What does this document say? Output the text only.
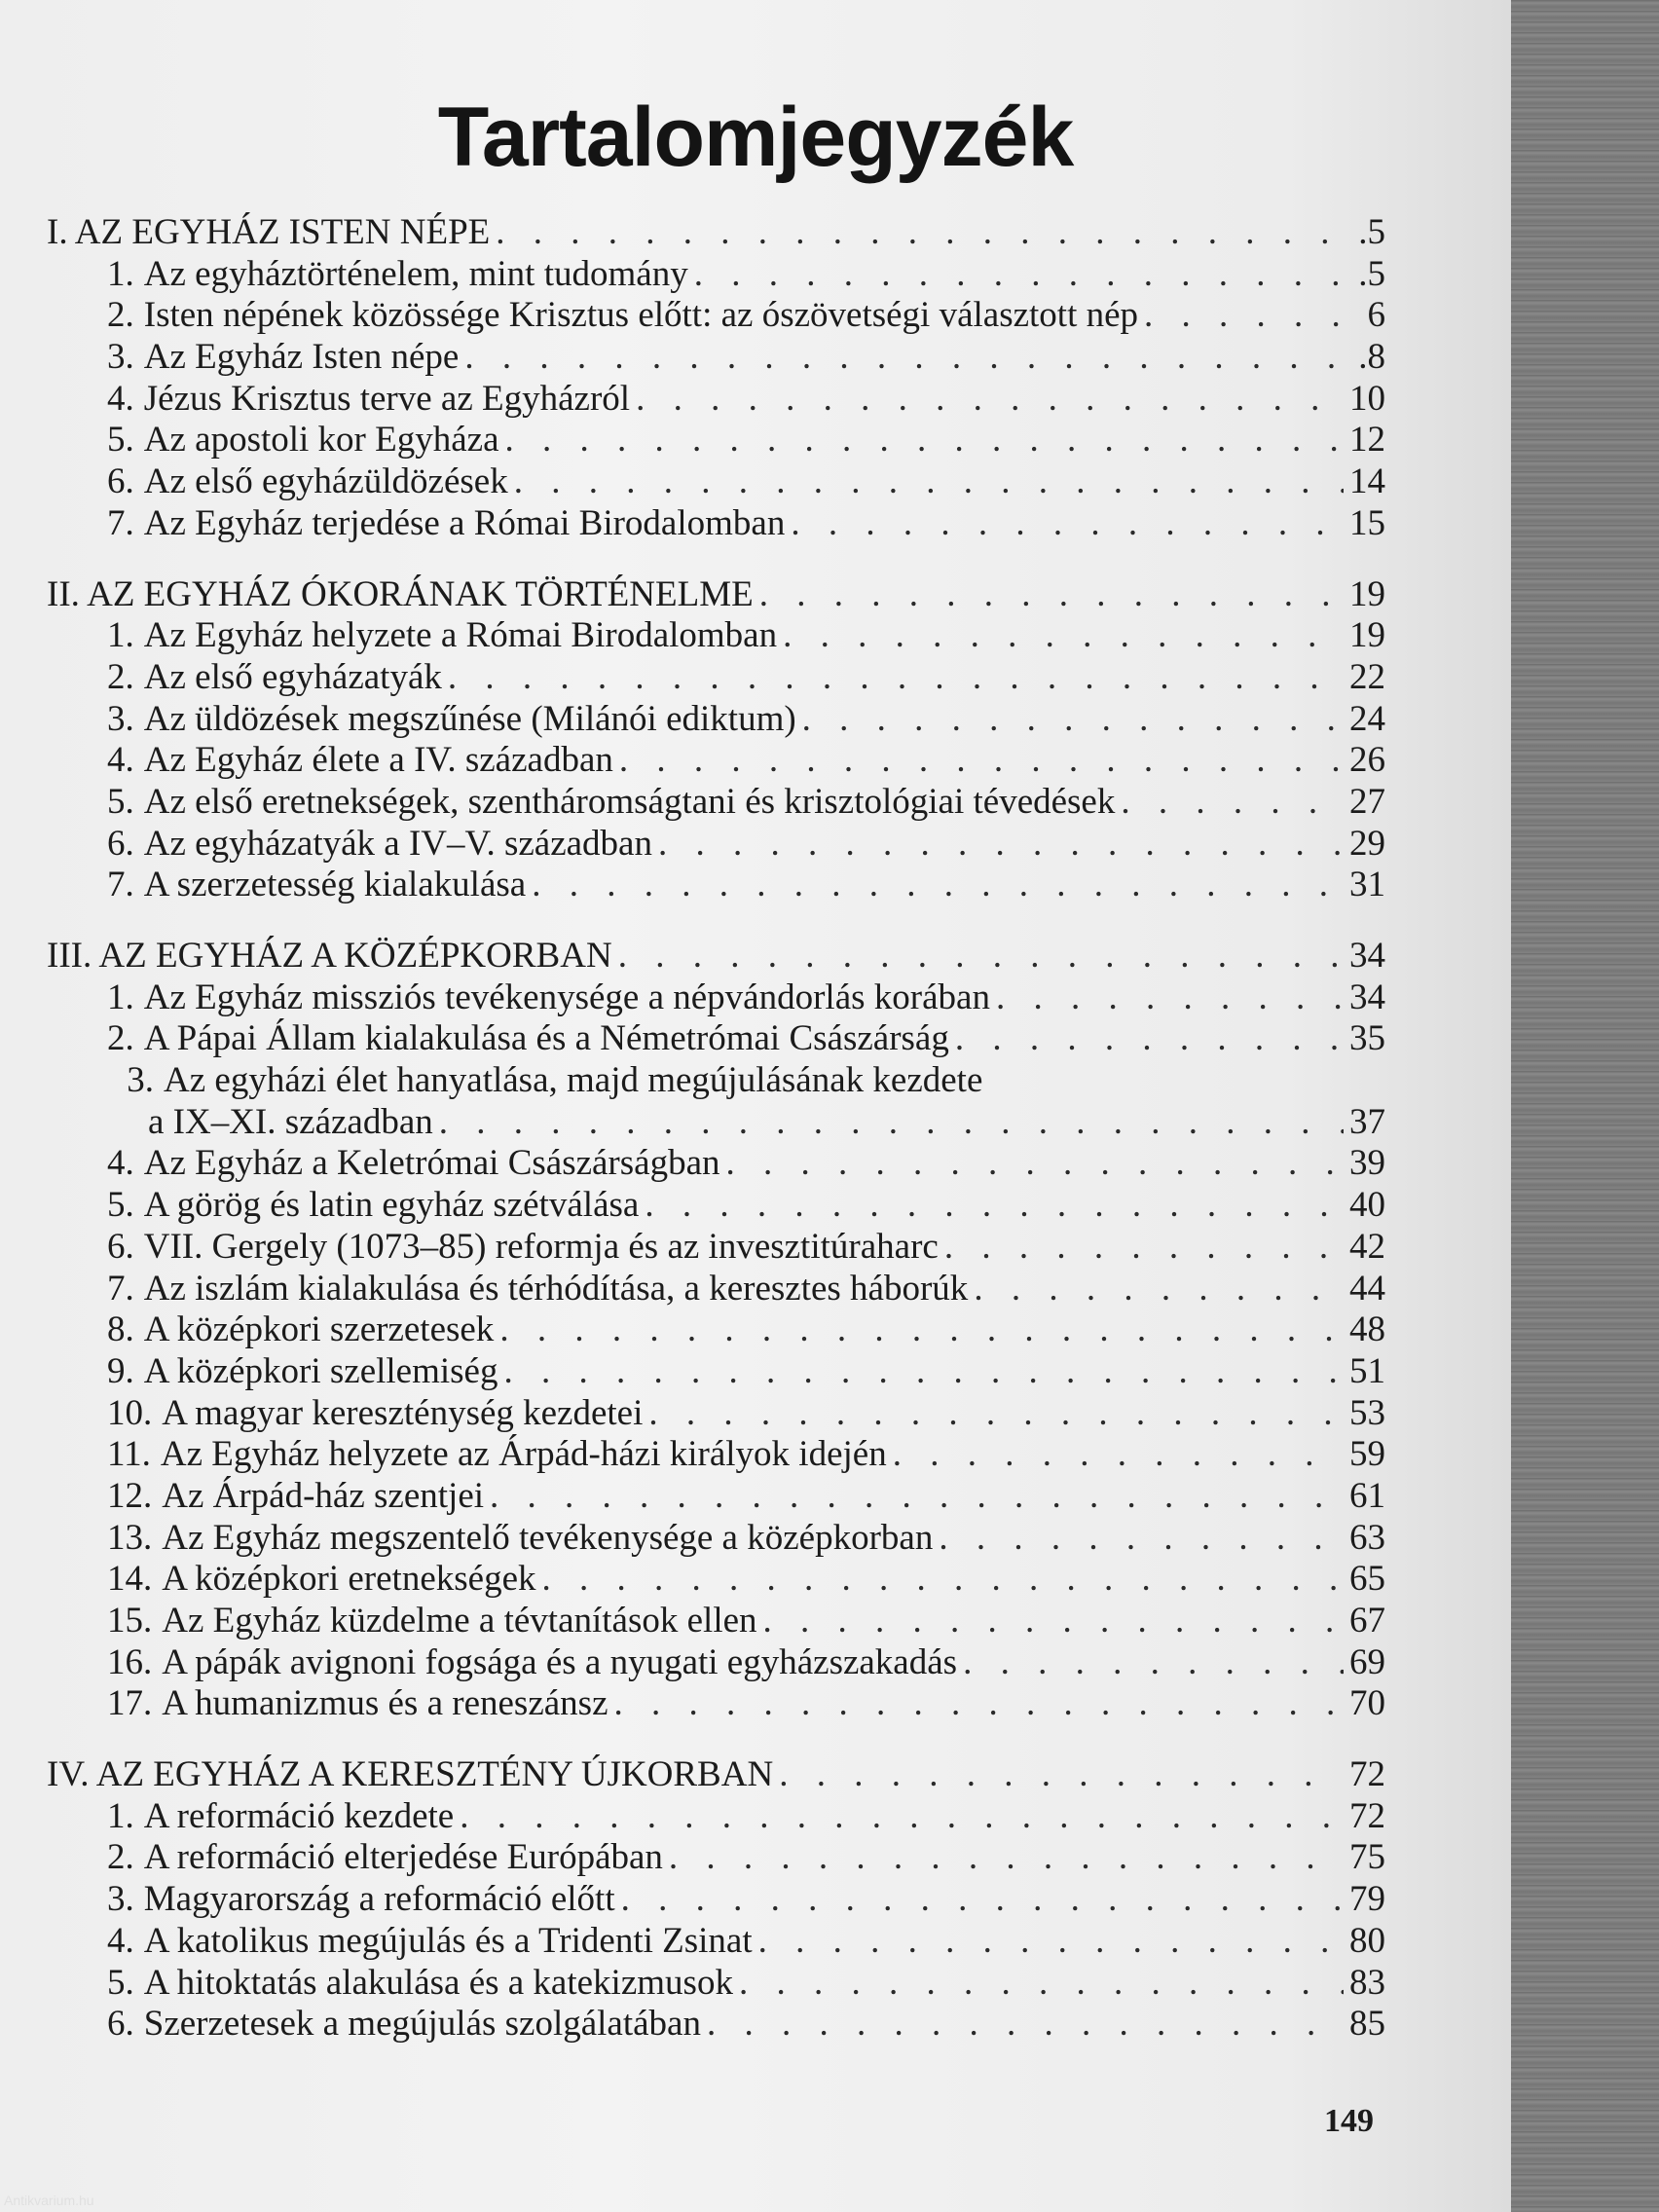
Tartalomjegyzék
I. AZ EGYHÁZ ISTEN NÉPE . . .	.5
1. Az egyháztörténelem, mint tudomány . . .	.5
2. Isten népének közössége Krisztus előtt: az ószövetségi választott nép . . .	6
3. Az Egyház Isten népe . . .	.8
4. Jézus Krisztus terve az Egyházról . . .	10
5. Az apostoli kor Egyháza . . .	12
6. Az első egyházüldözések . . .	14
7. Az Egyház terjedése a Római Birodalomban . . .	15
II. AZ EGYHÁZ ÓKORÁNAK TÖRTÉNELME . . .	19
1. Az Egyház helyzete a Római Birodalomban . . .	19
2. Az első egyházatyák . . .	22
3. Az üldözések megszűnése (Milánói ediktum) . . .	24
4. Az Egyház élete a IV. században . . .	26
5. Az első eretnekségek, szentháromságtani és krisztológiai tévedések . . .	27
6. Az egyházatyák a IV–V. században . . .	29
7. A szerzetesség kialakulása . . .	31
III. AZ EGYHÁZ A KÖZÉPKORBAN . . .	34
1. Az Egyház missziós tevékenysége a népvándorlás korában . . .	34
2. A Pápai Állam kialakulása és a Németrómai Császárság . . .	35
3. Az egyházi élet hanyatlása, majd megújulásának kezdete
a IX–XI. században . . .	37
4. Az Egyház a Keletrómai Császárságban . . .	39
5. A görög és latin egyház szétválása . . .	40
6. VII. Gergely (1073–85) reformja és az invesztitúraharc . . .	42
7. Az iszlám kialakulása és térhódítása, a keresztes háborúk . . .	44
8. A középkori szerzetesek . . .	48
9. A középkori szellemiség . . .	51
10. A magyar kereszténység kezdetei . . .	53
11. Az Egyház helyzete az Árpád-házi királyok idején . . .	59
12. Az Árpád-ház szentjei . . .	61
13. Az Egyház megszentelő tevékenysége a középkorban . . .	63
14. A középkori eretnekségek . . .	65
15. Az Egyház küzdelme a tévtanítások ellen . . .	67
16. A pápák avignoni fogsága és a nyugati egyházszakadás . . .	69
17. A humanizmus és a reneszánsz . . .	70
IV. AZ EGYHÁZ A KERESZTÉNY ÚJKORBAN . . .	72
1. A reformáció kezdete . . .	72
2. A reformáció elterjedése Európában . . .	75
3. Magyarország a reformáció előtt . . .	79
4. A katolikus megújulás és a Tridenti Zsinat . . .	80
5. A hitoktatás alakulása és a katekizmusok . . .	83
6. Szerzetesek a megújulás szolgálatában . . .	85
149
Antikvarium.hu
